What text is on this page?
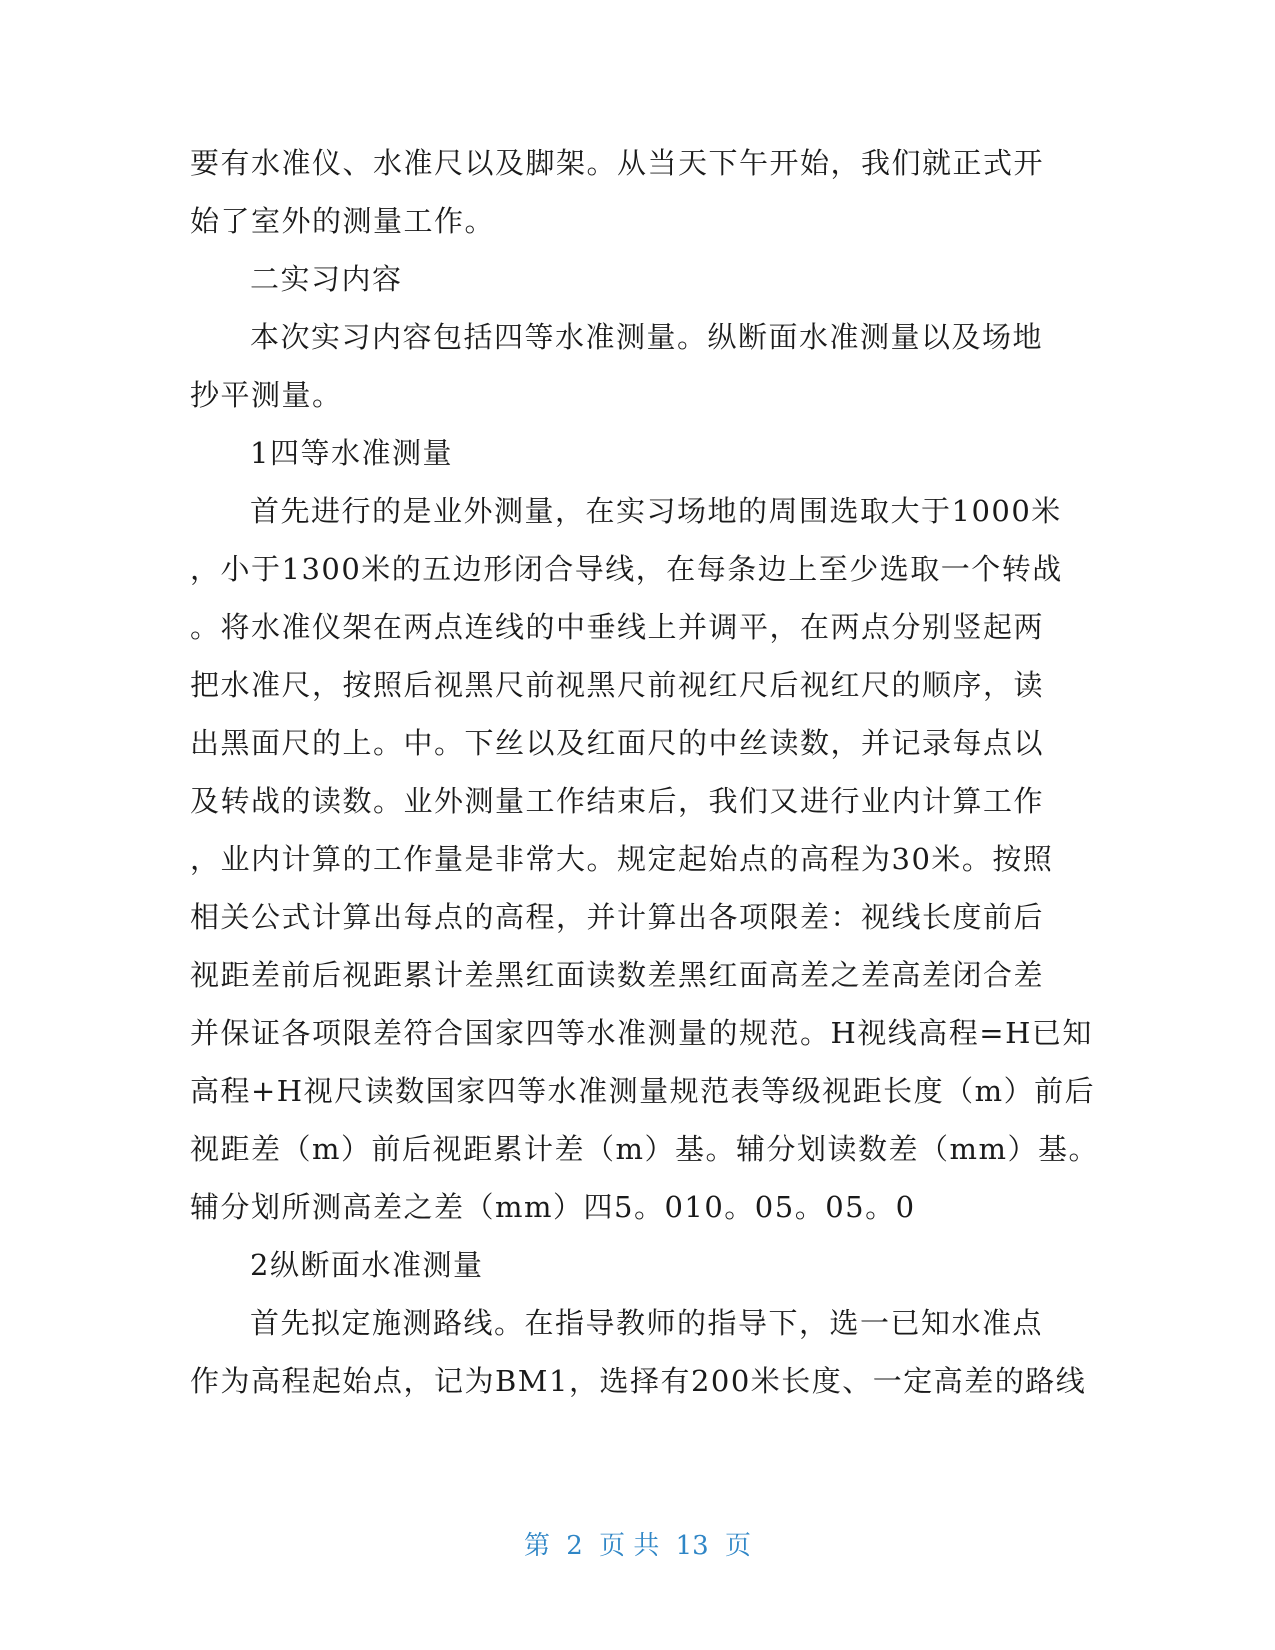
要有水准仪、水准尺以及脚架。从当天下午开始，我们就正式开
始了室外的测量工作。
二实习内容
本次实习内容包括四等水准测量。纵断面水准测量以及场地
抄平测量。
1四等水准测量
首先进行的是业外测量，在实习场地的周围选取大于1000米
，小于1300米的五边形闭合导线，在每条边上至少选取一个转战
。将水准仪架在两点连线的中垂线上并调平，在两点分别竖起两
把水准尺，按照后视黑尺前视黑尺前视红尺后视红尺的顺序，读
出黑面尺的上。中。下丝以及红面尺的中丝读数，并记录每点以
及转战的读数。业外测量工作结束后，我们又进行业内计算工作
，业内计算的工作量是非常大。规定起始点的高程为30米。按照
相关公式计算出每点的高程，并计算出各项限差：视线长度前后
视距差前后视距累计差黑红面读数差黑红面高差之差高差闭合差
并保证各项限差符合国家四等水准测量的规范。H视线高程=H已知
高程+H视尺读数国家四等水准测量规范表等级视距长度（m）前后
视距差（m）前后视距累计差（m）基。辅分划读数差（mm）基。
辅分划所测高差之差（mm）四5。010。05。05。0
2纵断面水准测量
首先拟定施测路线。在指导教师的指导下，选一已知水准点
作为高程起始点，记为BM1，选择有200米长度、一定高差的路线
第 2 页 共 13 页
